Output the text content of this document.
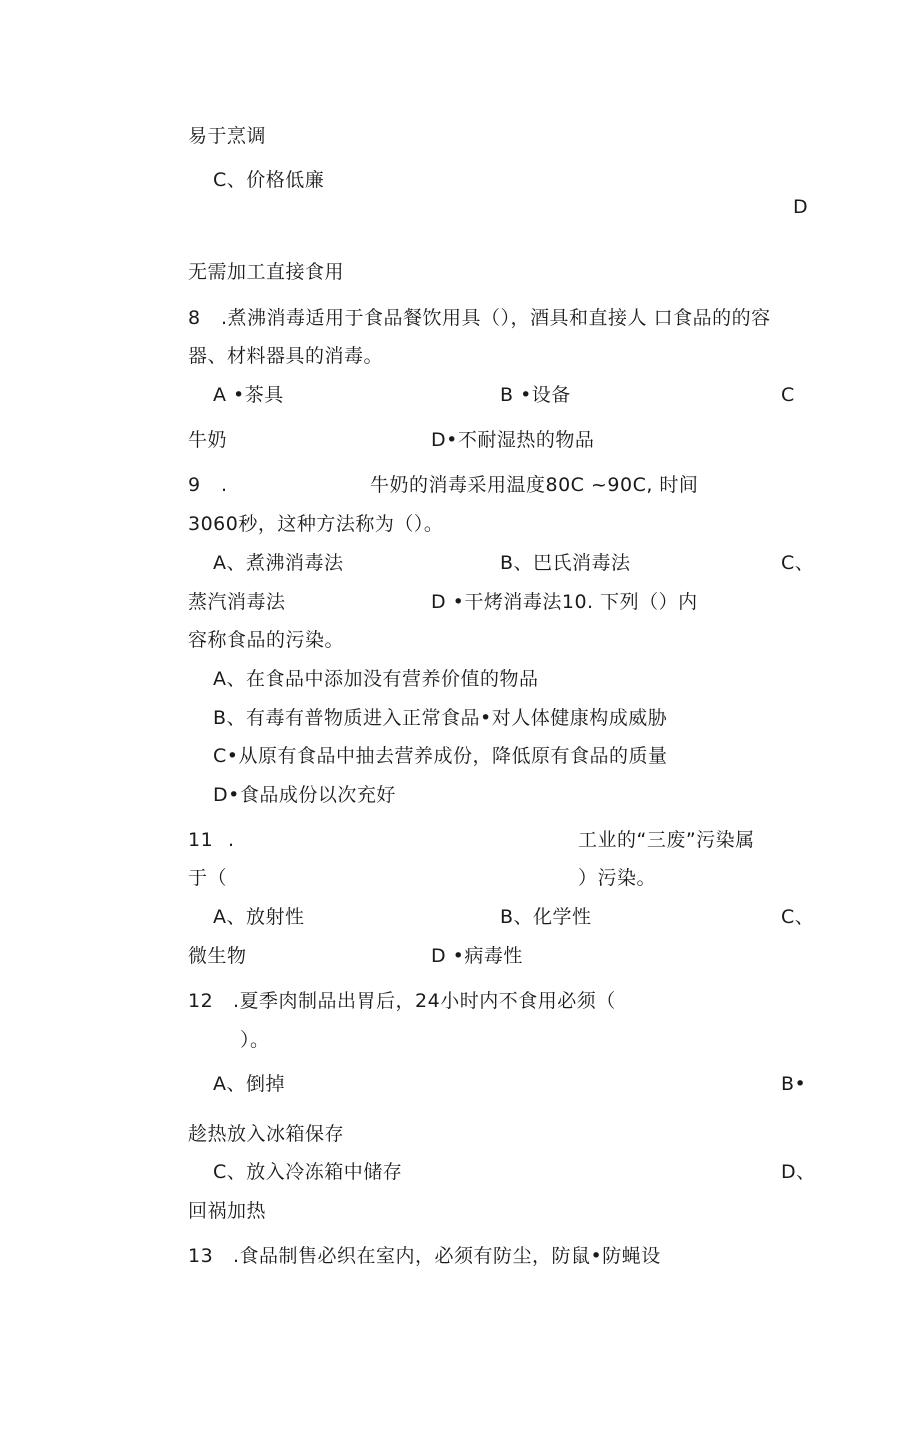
易于烹调
C、价格低廉
D
无需加工直接食用
8 .煮沸消毒适用于食品餐饮用具（），酒具和直接人 口食品的的容
器、材料器具的消毒。
A •茶具	B •设备	C
牛奶	D•不耐湿热的物品
9 .	牛奶的消毒采用温度80C ~90C, 时间
3060秒，这种方法称为（）。
A、煮沸消毒法	B、巴氏消毒法	C、
蒸汽消毒法	D •干烤消毒法10. 下列（）内
容称食品的污染。
A、在食品中添加没有营养价值的物品
B、有毒有普物质进入正常食品•对人体健康构成威胁
C•从原有食品中抽去营养成份，降低原有食品的质量
D•食品成份以次充好
11 .	工业的“三废”污染属
于（	）污染。
A、放射性	B、化学性	C、
微生物	D •病毒性
12 .夏季肉制品出胃后，24小时内不食用必须（
）。
A、倒掉	B•
趁热放入冰箱保存
C、放入冷冻箱中储存	D、
回祸加热
13 .食品制售必织在室内，必须有防尘，防鼠•防蝇设
